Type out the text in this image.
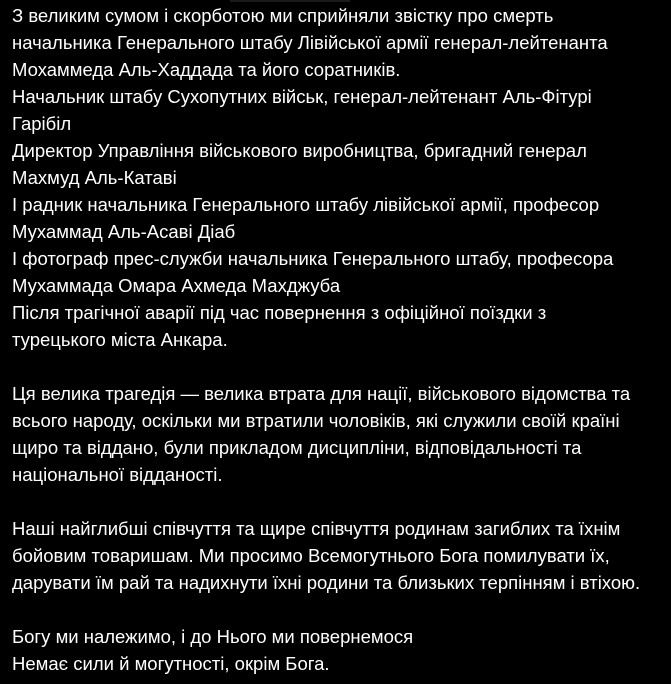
З великим сумом і скорботою ми сприйняли звістку про смерть
начальника Генерального штабу Лівійської армії генерал-лейтенанта
Мохаммеда Аль-Хаддада та його соратників.
Начальник штабу Сухопутних військ, генерал-лейтенант Аль-Фітурі
Гарібіл
Директор Управління військового виробництва, бригадний генерал
Махмуд Аль-Катаві
І радник начальника Генерального штабу лівійської армії, професор
Мухаммад Аль-Асаві Діаб
І фотограф прес-служби начальника Генерального штабу, професора
Мухаммада Омара Ахмеда Махджуба
Після трагічної аварії під час повернення з офіційної поїздки з
турецького міста Анкара.
Ця велика трагедія — велика втрата для нації, військового відомства та
всього народу, оскільки ми втратили чоловіків, які служили своїй країні
щиро та віддано, були прикладом дисципліни, відповідальності та
національної відданості.
Наші найглибші співчуття та щире співчуття родинам загиблих та їхнім
бойовим товаришам. Ми просимо Всемогутнього Бога помилувати їх,
дарувати їм рай та надихнути їхні родини та близьких терпінням і втіхою.
Богу ми належимо, і до Нього ми повернемося
Немає сили й могутності, окрім Бога.
